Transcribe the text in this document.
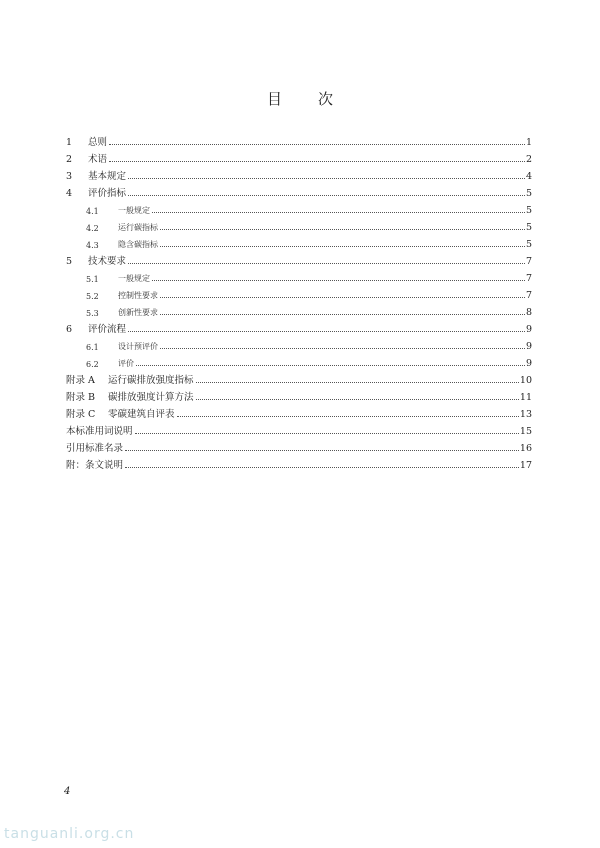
目 次
1	总则	1
2	术语	2
3	基本规定	4
4	评价指标	5
4.1	一般规定	5
4.2	运行碳指标	5
4.3	隐含碳指标	5
5	技术要求	7
5.1	一般规定	7
5.2	控制性要求	7
5.3	创新性要求	8
6	评价流程	9
6.1	设计预评价	9
6.2	评价	9
附录 A	运行碳排放强度指标	10
附录 B	碳排放强度计算方法	11
附录 C	零碳建筑自评表	13
本标准用词说明	15
引用标准名录	16
附：条文说明	17
4
tanguanli.org.cn
